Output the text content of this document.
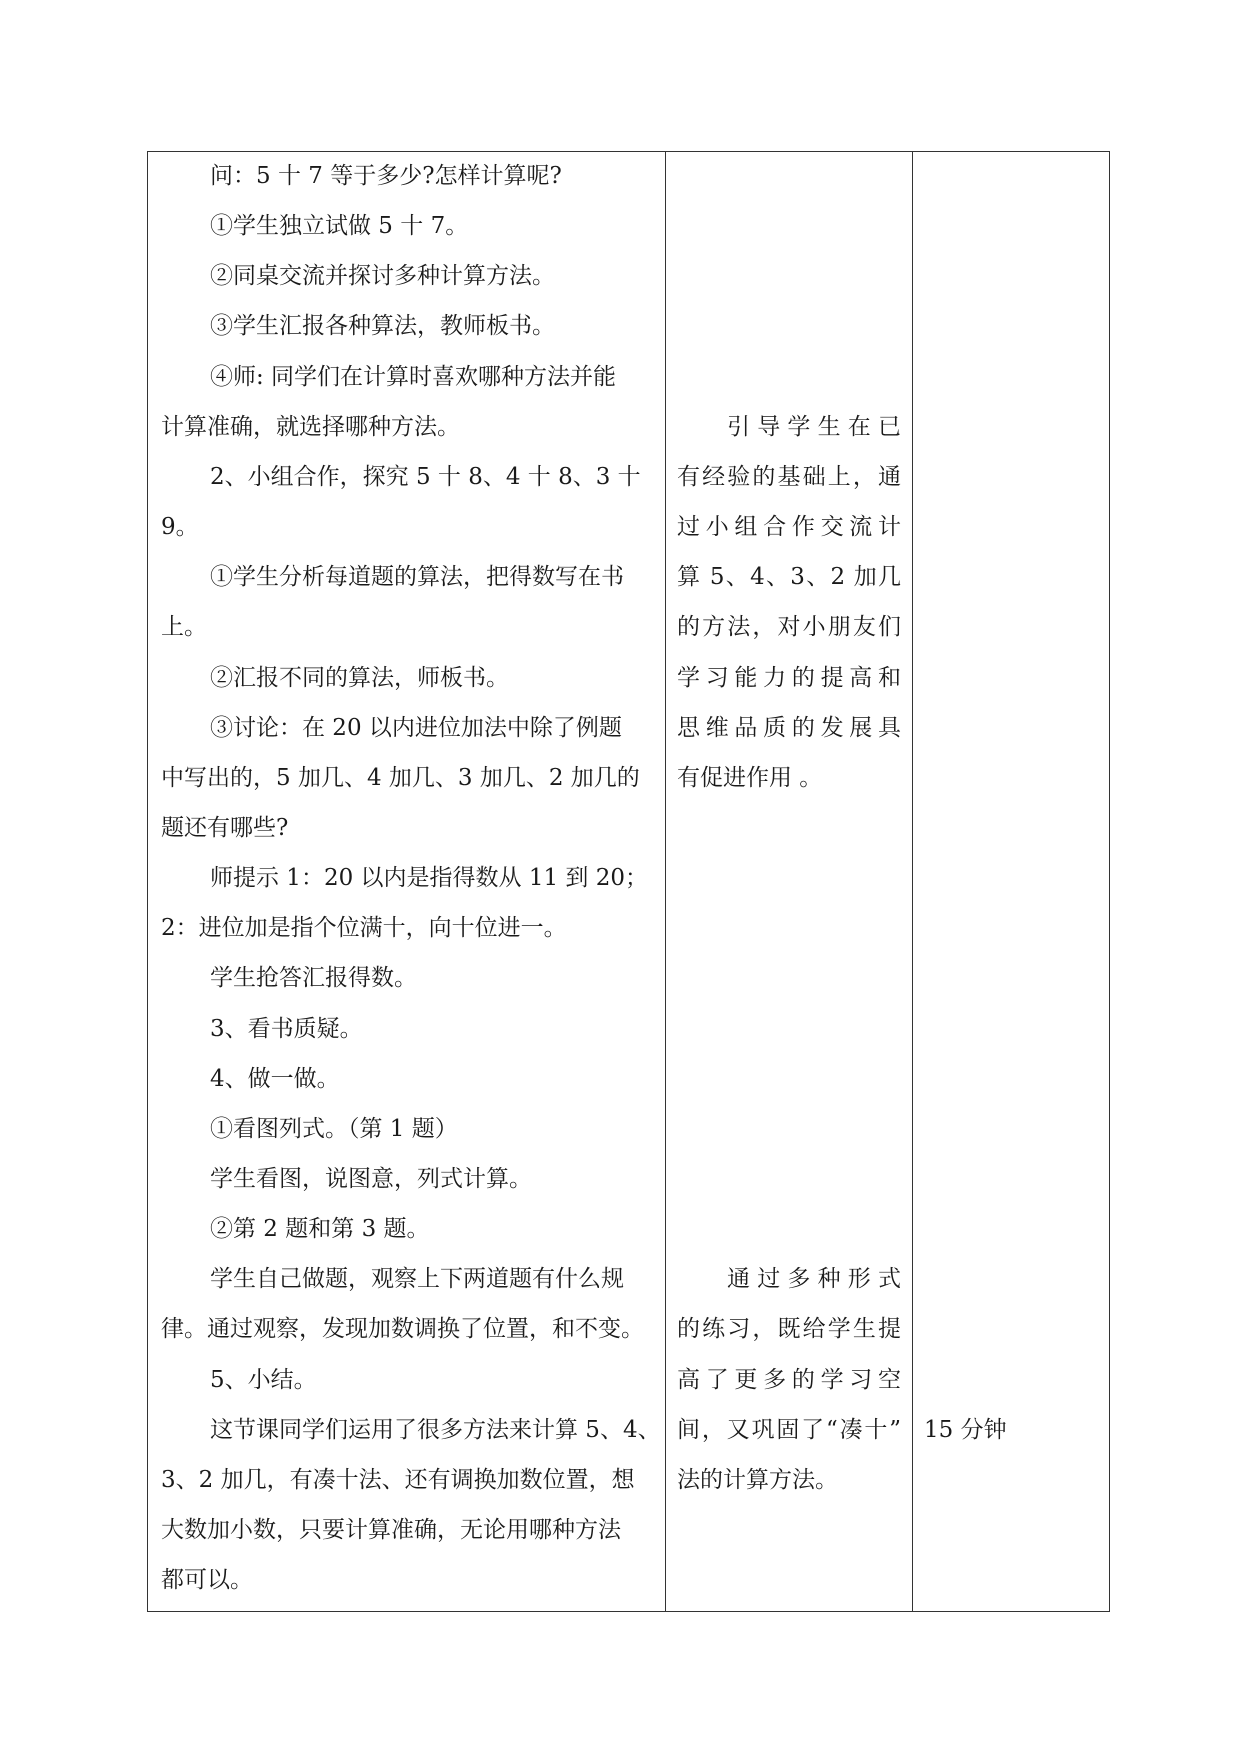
问：5 十 7 等于多少?怎样计算呢?
①学生独立试做 5 十 7。
②同桌交流并探讨多种计算方法。
③学生汇报各种算法，教师板书。
④师: 同学们在计算时喜欢哪种方法并能
计算准确，就选择哪种方法。
2、小组合作，探究 5 十 8、4 十 8、3 十
9。
①学生分析每道题的算法，把得数写在书
上。
②汇报不同的算法，师板书。
③讨论：在 20 以内进位加法中除了例题
中写出的，5 加几、4 加几、3 加几、2 加几的
题还有哪些?
师提示 1：20 以内是指得数从 11 到 20；
2：进位加是指个位满十，向十位进一。
学生抢答汇报得数。
3、看书质疑。
4、做一做。
①看图列式。（第 1 题）
学生看图，说图意，列式计算。
②第 2 题和第 3 题。
学生自己做题，观察上下两道题有什么规
律。通过观察，发现加数调换了位置，和不变。
5、小结。
这节课同学们运用了很多方法来计算 5、4、
3、2 加几，有凑十法、还有调换加数位置，想
大数加小数，只要计算准确，无论用哪种方法
都可以。
引导学生在已
有经验的基础上，通
过小组合作交流计
算 5、4、3、2 加几
的方法，对小朋友们
学习能力的提高和
思维品质的发展具
有促进作用 。
通过多种形式
的练习，既给学生提
高了更多的学习空
间，又巩固了“凑十”
法的计算方法。
15 分钟
